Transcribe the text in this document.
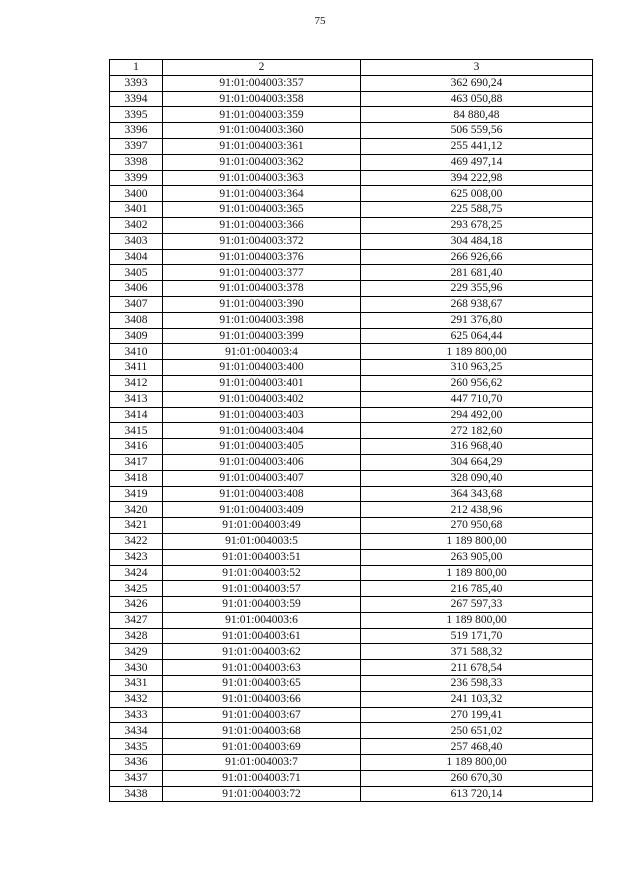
75
1	2	3
3393	91:01:004003:357	362 690,24
3394	91:01:004003:358	463 050,88
3395	91:01:004003:359	84 880,48
3396	91:01:004003:360	506 559,56
3397	91:01:004003:361	255 441,12
3398	91:01:004003:362	469 497,14
3399	91:01:004003:363	394 222,98
3400	91:01:004003:364	625 008,00
3401	91:01:004003:365	225 588,75
3402	91:01:004003:366	293 678,25
3403	91:01:004003:372	304 484,18
3404	91:01:004003:376	266 926,66
3405	91:01:004003:377	281 681,40
3406	91:01:004003:378	229 355,96
3407	91:01:004003:390	268 938,67
3408	91:01:004003:398	291 376,80
3409	91:01:004003:399	625 064,44
3410	91:01:004003:4	1 189 800,00
3411	91:01:004003:400	310 963,25
3412	91:01:004003:401	260 956,62
3413	91:01:004003:402	447 710,70
3414	91:01:004003:403	294 492,00
3415	91:01:004003:404	272 182,60
3416	91:01:004003:405	316 968,40
3417	91:01:004003:406	304 664,29
3418	91:01:004003:407	328 090,40
3419	91:01:004003:408	364 343,68
3420	91:01:004003:409	212 438,96
3421	91:01:004003:49	270 950,68
3422	91:01:004003:5	1 189 800,00
3423	91:01:004003:51	263 905,00
3424	91:01:004003:52	1 189 800,00
3425	91:01:004003:57	216 785,40
3426	91:01:004003:59	267 597,33
3427	91:01:004003:6	1 189 800,00
3428	91:01:004003:61	519 171,70
3429	91:01:004003:62	371 588,32
3430	91:01:004003:63	211 678,54
3431	91:01:004003:65	236 598,33
3432	91:01:004003:66	241 103,32
3433	91:01:004003:67	270 199,41
3434	91:01:004003:68	250 651,02
3435	91:01:004003:69	257 468,40
3436	91:01:004003:7	1 189 800,00
3437	91:01:004003:71	260 670,30
3438	91:01:004003:72	613 720,14
